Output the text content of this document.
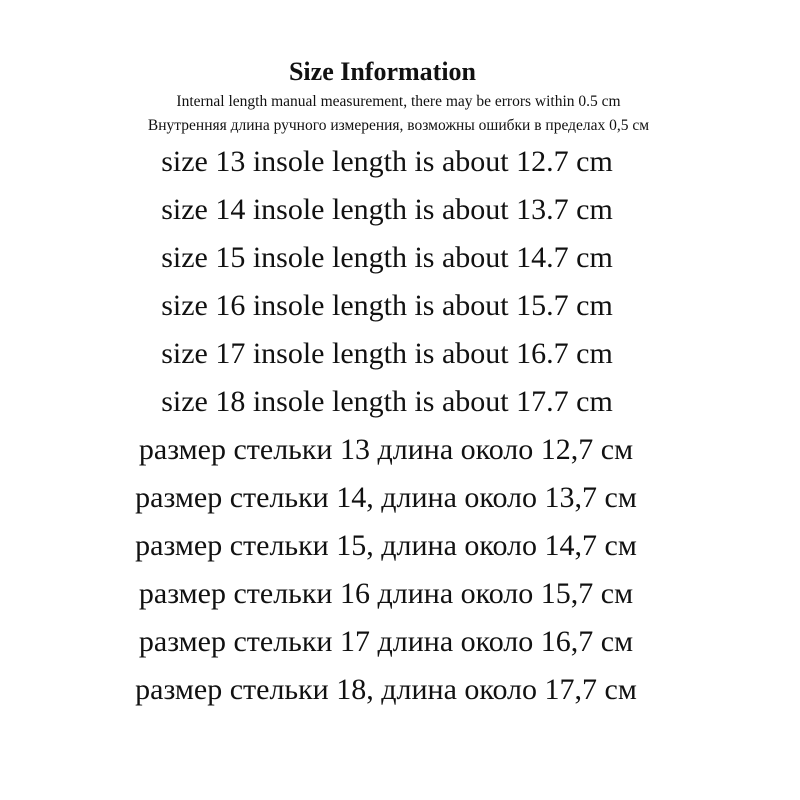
Size Information
Internal length manual measurement, there may be errors within 0.5 cm
Внутренняя длина ручного измерения, возможны ошибки в пределах 0,5 см
size 13 insole length is about 12.7 cm
size 14 insole length is about 13.7 cm
size 15 insole length is about 14.7 cm
size 16 insole length is about 15.7 cm
size 17 insole length is about 16.7 cm
size 18 insole length is about 17.7 cm
размер стельки 13 длина около 12,7 см
размер стельки 14, длина около 13,7 см
размер стельки 15, длина около 14,7 см
размер стельки 16 длина около 15,7 см
размер стельки 17 длина около 16,7 см
размер стельки 18, длина около 17,7 см
